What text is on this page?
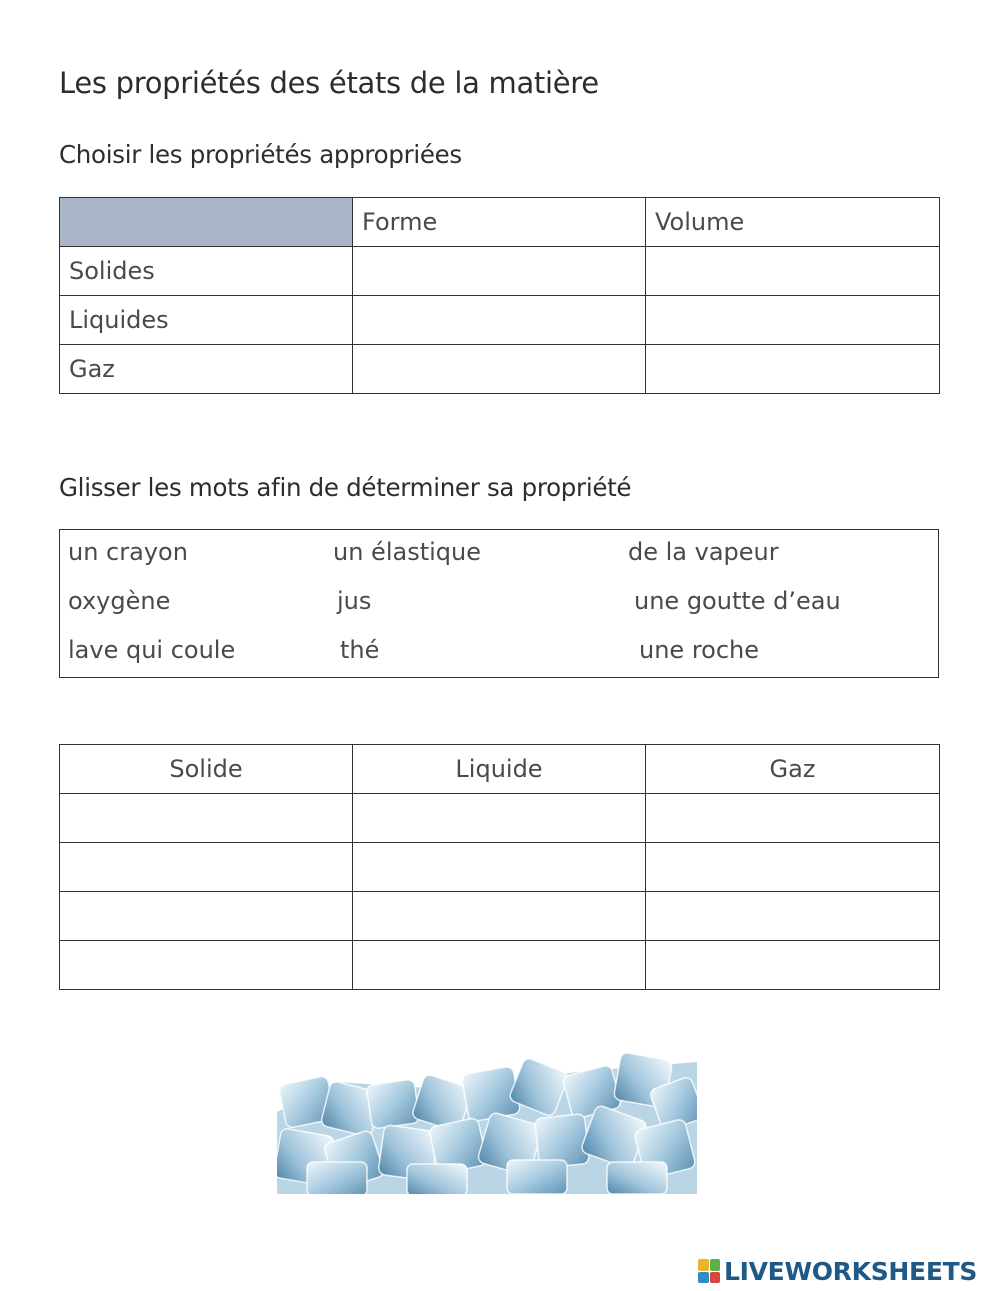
Les propriétés des états de la matière
Choisir les propriétés appropriées
	Forme	Volume
Solides		
Liquides		
Gaz		
Glisser les mots afin de déterminer sa propriété
un crayon	un élastique	de la vapeur
oxygène	jus	une goutte d’eau
lave qui coule	thé	une roche
Solide	Liquide	Gaz

LIVEWORKSHEETS
